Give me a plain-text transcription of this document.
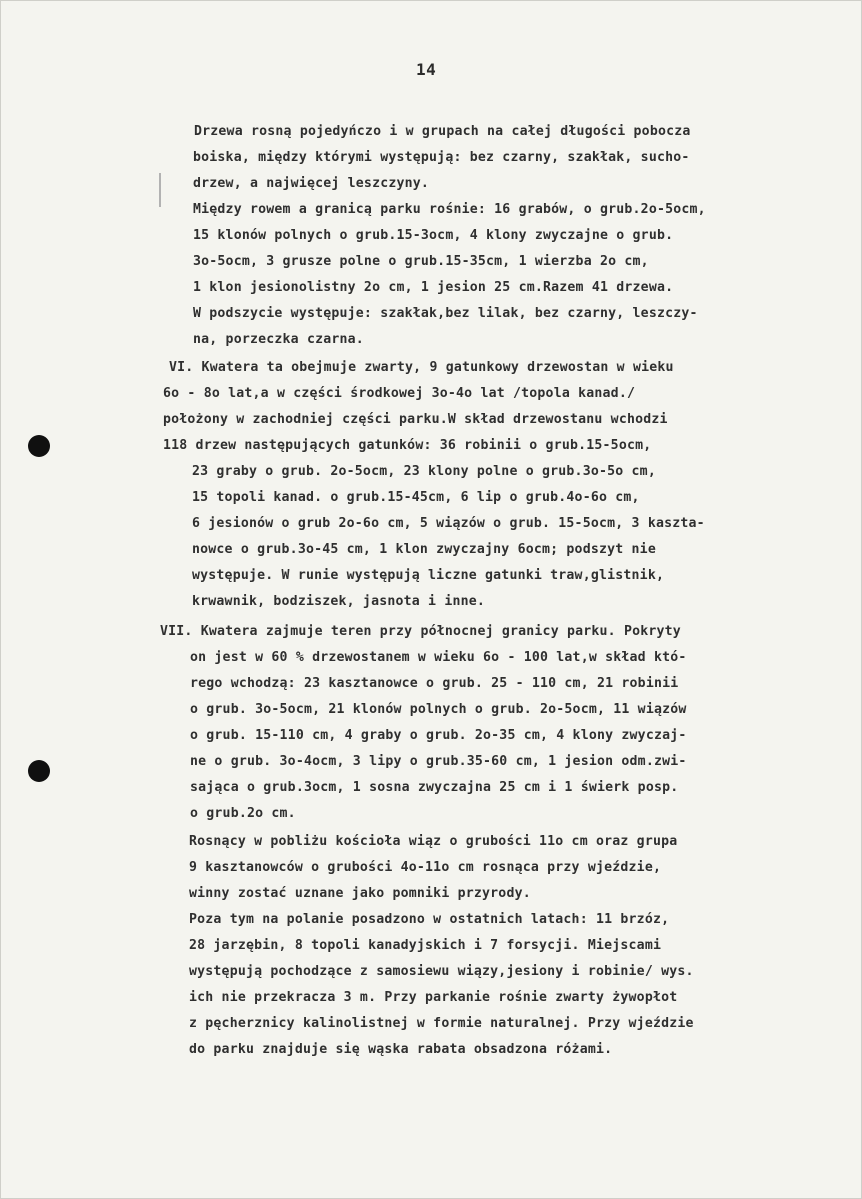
14
Drzewa rosną pojedyńczo i w grupach na całej długości pobocza
boiska, między którymi występują: bez czarny, szakłak, sucho-
drzew, a najwięcej leszczyny.
Między rowem a granicą parku rośnie: 16 grabów, o grub.2o-5ocm,
15 klonów polnych o grub.15-3ocm, 4 klony zwyczajne o grub.
3o-5ocm, 3 grusze polne o grub.15-35cm, 1 wierzba 2o cm,
1 klon jesionolistny 2o cm, 1 jesion 25 cm.Razem 41 drzewa.
W podszycie występuje: szakłak,bez lilak, bez czarny, leszczy-
na, porzeczka czarna.
VI. Kwatera ta obejmuje zwarty, 9 gatunkowy drzewostan w wieku
6o - 8o lat,a w części środkowej 3o-4o lat /topola kanad./
położony w zachodniej części parku.W skład drzewostanu wchodzi
118 drzew następujących gatunków: 36 robinii o grub.15-5ocm,
23 graby o grub. 2o-5ocm, 23 klony polne o grub.3o-5o cm,
15 topoli kanad. o grub.15-45cm, 6 lip o grub.4o-6o cm,
6 jesionów o grub 2o-6o cm, 5 wiązów o grub. 15-5ocm, 3 kaszta-
nowce o grub.3o-45 cm, 1 klon zwyczajny 6ocm; podszyt nie
występuje. W runie występują liczne gatunki traw,glistnik,
krwawnik, bodziszek, jasnota i inne.
VII. Kwatera zajmuje teren przy północnej granicy parku. Pokryty
on jest w 60 % drzewostanem w wieku 6o - 100 lat,w skład któ-
rego wchodzą: 23 kasztanowce o grub. 25 - 110 cm, 21 robinii
o grub. 3o-5ocm, 21 klonów polnych o grub. 2o-5ocm, 11 wiązów
o grub. 15-110 cm, 4 graby o grub. 2o-35 cm, 4 klony zwyczaj-
ne o grub. 3o-4ocm, 3 lipy o grub.35-60 cm, 1 jesion odm.zwi-
sająca o grub.3ocm, 1 sosna zwyczajna 25 cm i 1 świerk posp.
o grub.2o cm.
Rosnący w pobliżu kościoła wiąz o grubości 11o cm oraz grupa
9 kasztanowców o grubości 4o-11o cm rosnąca przy wjeździe,
winny zostać uznane jako pomniki przyrody.
Poza tym na polanie posadzono w ostatnich latach: 11 brzóz,
28 jarzębin, 8 topoli kanadyjskich i 7 forsycji. Miejscami
występują pochodzące z samosiewu wiązy,jesiony i robinie/ wys.
ich nie przekracza 3 m. Przy parkanie rośnie zwarty żywopłot
z pęcherznicy kalinolistnej w formie naturalnej. Przy wjeździe
do parku znajduje się wąska rabata obsadzona różami.
